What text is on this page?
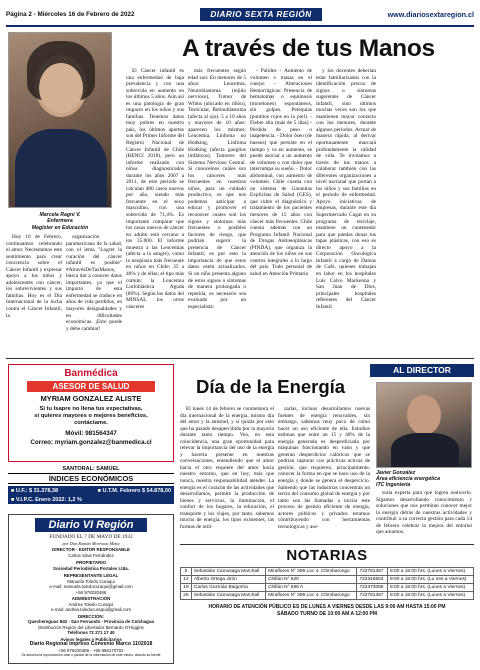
Página 2 - Miércoles 16 de Febrero de 2022	DIARIO SEXTA REGIÓN	www.diariosextaregion.cl
A través de tus Manos
Marcela Ragni V.
Enfermera
Magister en Educación

Hoy 16 de Febrero, continuamos celebrando el amor. Necesitamos este sentimiento para crear conciencia sobre el Cáncer Infantil y expresar apoyo a los niños y adolescentes con cáncer, los sobrevivientes y sus familias. Hoy es el Día Internacional de la lucha contra el Cáncer Infantil, la

organización paramericana de la salud, con el lema "Logrer la curación del cáncer infantil es posible" #AtravésDeTusManos, busca dar a conocer datos importantes, ya que el impacto de esta enfermedad se traduce en años de vida perdidos, en mayores desigualdades y en dificultades económicas. ¡Esto puede y debe cambiar!

El Cáncer infantil es una enfermedad de baja prevalencia y con una sobrevida en aumento en los últimos 5 años. Aún así es una patología de gran impacto en los niños y sus familias. Tenemos datos muy pobres en nuestro país, los últimos aportes son del Primer Informe del Registro Nacional de Cáncer Infantil de Chile (RENCI 2018), pero un informe realizado con niños diagnosticados durante los años 2007 a 2011, de este periodo se calculan 480 casos nuevos por año, siendo más frecuente en el sexo masculino, con una sobrevida de 71,4%. Es importante comparar que los casos nuevos de cáncer en adulto está cercano a los 35.000. El informe muestra a las Leucemias (afecta a la sangre), como la neoplasia más frecuente en niños en Chile; 35 a 40% y de ellas; el tipo más común; la Leucemia Linfoblástica Aguda (80%). Según los datos del MINSAL los otros cánceres

más frecuentes según edad son: En menores de 5 años: Leucemia, Neuroblastoma (tejido nervioso), Tumor de Wilms (ubicado en riñón), Testicular, Retinoblastoma (afecta al ojo). 5 a 10 años y mayores de 10 años: aparecen los mismos; Leucemia, Linfoma no Hodking, Linfoma Hodking (afecta ganglios linfáticos), Tumores del Sistema Nervioso Central. Si conocemos cuáles son los cánceres más frecuentes en nuestros niños, para un cuidado productivo, es que nos podemos anticipar a educar y promover el reconocer cuales son los signos y síntomas más frecuentes o posibles factores de riesgo, que podrían sugerir la presencia de Cáncer Infantil; es por esto la importancia de que estos datos estén actualizados. Si un niño presenta alguno de estos signos o síntomas de manera prolongada o repetida, es necesario sea evaluado por un especialista:

- Palidez - Aumento de volumen o masas en el cuerpo - Alteraciones Hemorrágicas: Presencia de hematomas o equimosis (moretones) espontáneos, sin golpes. Petequias (puntitos rojos en la piel). - Fiebre alta (más de 5 días) - Pérdida de peso o inapetencia. - Dolor óseo (de huesos) que persiste en el tiempo y va en aumento, se puede asociar a un aumento de volumen o con dolor que interrumpa su sueño. - Dolor abdominal, con aumento de volumen. Chile cuenta con un sistema de Garantías Explícitas de Salud (GES), que cubre el diagnóstico y tratamiento de los pacientes menores de 15 años con cáncer más frecuentes. Chile cuenta además con un Programa Infantil Nacional de Drogas Antineoplásicas (PINDA), que organiza la atención de los niños en sus centros integrales a lo largo del país. Todo personal de salud en Atención Primaria

y los docentes deberían estar familiarizados con la identificación precoz de signos o síntomas sugerentes de Cáncer Infantil, sino últimos muchas veces son los que mantienen mayor contacto con los menores, durante algunos períodos. Actuar de manera rápida, al derivar oportunamente marcará profundamente la calidad de vida. Te invitamos a través de tus manos a colaborar también con las diferentes organizaciones a nivel nacional que portan a los niños y sus familias en el período de enfermedad. Apoyo iniciativas de empresas, durante este día Supermercado Cugat en su programa de reciclaje, mantiene un contenedor para que puedas donar tus tapas plásticas, con eso es directo apoyo a la Corporación Oncológica Infantil a cargo de Damas de Café, quienes trabajan en labor en los hospitales Luis Calvo Mackenna y San Juan de Dios, principales hospitales referentes del Cáncer Infantil.

Banmédica
ASESOR DE SALUD
MYRIAM GONZALEZ ALISTE
Si tu Isapre no llena tus expectativas,
si quieres mayores o mejores beneficios,
contáctame.
Móvil: 981564347
Correo: myriam.gonzalez@banmedica.cl
SANTORAL: SAMUEL
ÍNDICES ECONÓMICOS
■ U.F.: $ 31.378,38	■ U.T.M. Febrero $ 54.878,00
■ V.I.P.C. Enero 2022: 1,2 %
Diario VI Región
FUNDADO EL 7 DE MAYO DE 1932
por Don Román Morrison Mena
DIRECTOR - EDITOR RESPONSABLE
Carlos Silva Fernández
PROPIETARIO
Sociedad Periodística Portales Ltda.
REPRESENTANTE LEGAL
Manuela Toledo Curaqui
e-mail: manuela.toledocuraqui@gmail.com
+56 978220486
ADMINISTRACIÓN
Andrea Toledo Curaqui
e-mail: andrea.toledocuraqui@gmail.com
DIRECCIÓN:
Quechereguas 840 - San Fernando - Provincia de Colchagua
Distribución Región del Libertador Bernardo O'Higgins
Teléfonos 72 271 17 40
Avisos legales y Publicitarios
Diario Regional impreso Convenio Marco 1102018
+56 978220486 - +56 986170702
Se autoriza la reproducción total o parcial de la información de este medio, citando su fuente
AL DIRECTOR
Día de la Energía

El lunes 14 de febrero se conmemora el día internacional de la energía, mismo día del amor y la amistad, y si quizás por esto que ha pasado desapercibido por la mayoría durante tanto tiempo. Veo, en esta coincidencia, una gran oportunidad para relevar la importancia del uso de la energía y hacerla presente en nuestras conversaciones, entendiendo que el amor hacia el otro requiere del amor hacia nuestro entorno, que en hoy, más que nunca, nuestra responsabilidad atender. La energía es el corazón de las actividades que desarrollamos, permite la producción de bienes y servicios, la iluminación, el confort de los hogares, la educación, el transporte y los viajes, por tanto, sabemos mucho de energía, los tipos existentes, las formas de utili-

zarlas, incluso desarrollamos nuevas fuentes de energía renovables, sin embargo, sabemos muy poco de cómo hacer un uso eficiente de ella. Estudios estiman que entre un 15 y 40% de la energía generada es desperdiciada por máquinas funcionando en vano y que generan desperdicios calóricos que se podrían capturar con prácticas activas de gestión, que requieren, principalmente, conocer la forma en que se hace uso de la energía y donde se genera el despercicio. Sabiendo que las industrias concentran un tercio del consumo global de energía y por tanto son las llamadas a iniciar este proceso de gestión eficiente de energía, actores públicos y privados estamos contribuyendo con herramientas tecnológicas y ase-

Javier González
Área eficiencia energética
ITC Ingeniería

soría experta para que logren realicerlo. Sigamos desarrollando conocimiento y soluciones que nos permitan conocer mejor la energía detrás de nuestras actividades y contribuir a su correcta gestión para cada 14 de febrero celebrar la mejora del entorno que amamos.

NOTARIAS
5	Sebastián Camusaga Marchall	Miraflores N° 399 Loc 4. Chimbarongo	722781357	8:00 a 15:00 hrs. (Lunes a Viernes)
12	Alberto Ortega Jirón	Chillán N° 620	722316604	9:00 a 15:00 hrs. (Lu nes a Viernes)
19	Carlos Guzmán Baigorria	Chillán N° 595 A	722373086	8:00 a 15:00 hrs. (Lunes a Viernes)
26	Sebastián Camusaga Marchall	Miraflores N° 399 Loc 4. Chimbarongo	722781357	8:00 a 15:00 hrs. (Lunes a Viernes)
HORARIO DE ATENCIÓN PÚBLICO ES DE LUNES A VIERNES DESDE LAS 9:00 AM HASTA 15:00 PM
SÁBADO TURNO DE 10:00 AM A 12:00 PM
